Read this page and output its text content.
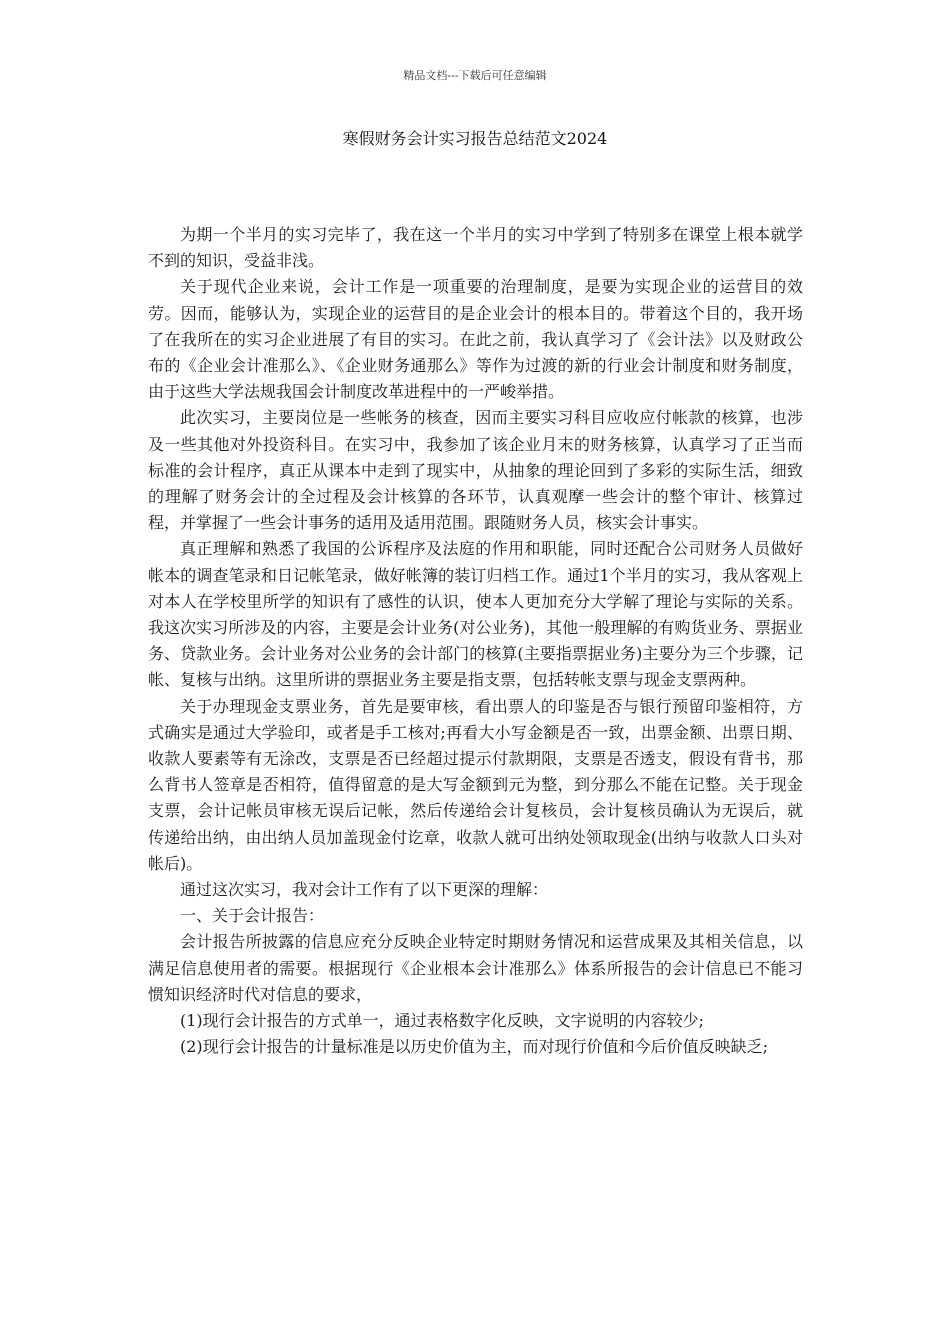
精品文档---下载后可任意编辑
寒假财务会计实习报告总结范文2024

为期一个半月的实习完毕了，我在这一个半月的实习中学到了特别多在课堂上根本就学不到的知识，受益非浅。

关于现代企业来说，会计工作是一项重要的治理制度，是要为实现企业的运营目的效劳。因而，能够认为，实现企业的运营目的是企业会计的根本目的。带着这个目的，我开场了在我所在的实习企业进展了有目的实习。在此之前，我认真学习了《会计法》以及财政公布的《企业会计准那么》、《企业财务通那么》等作为过渡的新的行业会计制度和财务制度，由于这些大学法规我国会计制度改革进程中的一严峻举措。

此次实习，主要岗位是一些帐务的核查，因而主要实习科目应收应付帐款的核算，也涉及一些其他对外投资科目。在实习中，我参加了该企业月末的财务核算，认真学习了正当而标准的会计程序，真正从课本中走到了现实中，从抽象的理论回到了多彩的实际生活，细致的理解了财务会计的全过程及会计核算的各环节，认真观摩一些会计的整个审计、核算过程，并掌握了一些会计事务的适用及适用范围。跟随财务人员，核实会计事实。

真正理解和熟悉了我国的公诉程序及法庭的作用和职能，同时还配合公司财务人员做好帐本的调查笔录和日记帐笔录，做好帐簿的装订归档工作。通过1个半月的实习，我从客观上对本人在学校里所学的知识有了感性的认识，使本人更加充分大学解了理论与实际的关系。我这次实习所涉及的内容，主要是会计业务(对公业务)，其他一般理解的有购货业务、票据业务、贷款业务。会计业务对公业务的会计部门的核算(主要指票据业务)主要分为三个步骤，记帐、复核与出纳。这里所讲的票据业务主要是指支票，包括转帐支票与现金支票两种。

关于办理现金支票业务，首先是要审核，看出票人的印鉴是否与银行预留印鉴相符，方式确实是通过大学验印，或者是手工核对;再看大小写金额是否一致，出票金额、出票日期、收款人要素等有无涂改，支票是否已经超过提示付款期限，支票是否透支，假设有背书，那么背书人签章是否相符，值得留意的是大写金额到元为整，到分那么不能在记整。关于现金支票，会计记帐员审核无误后记帐，然后传递给会计复核员，会计复核员确认为无误后，就传递给出纳，由出纳人员加盖现金付讫章，收款人就可出纳处领取现金(出纳与收款人口头对帐后)。

通过这次实习，我对会计工作有了以下更深的理解：

一、关于会计报告：

会计报告所披露的信息应充分反映企业特定时期财务情况和运营成果及其相关信息，以满足信息使用者的需要。根据现行《企业根本会计准那么》体系所报告的会计信息已不能习惯知识经济时代对信息的要求，

(1)现行会计报告的方式单一，通过表格数字化反映，文字说明的内容较少;

(2)现行会计报告的计量标准是以历史价值为主，而对现行价值和今后价值反映缺乏;
